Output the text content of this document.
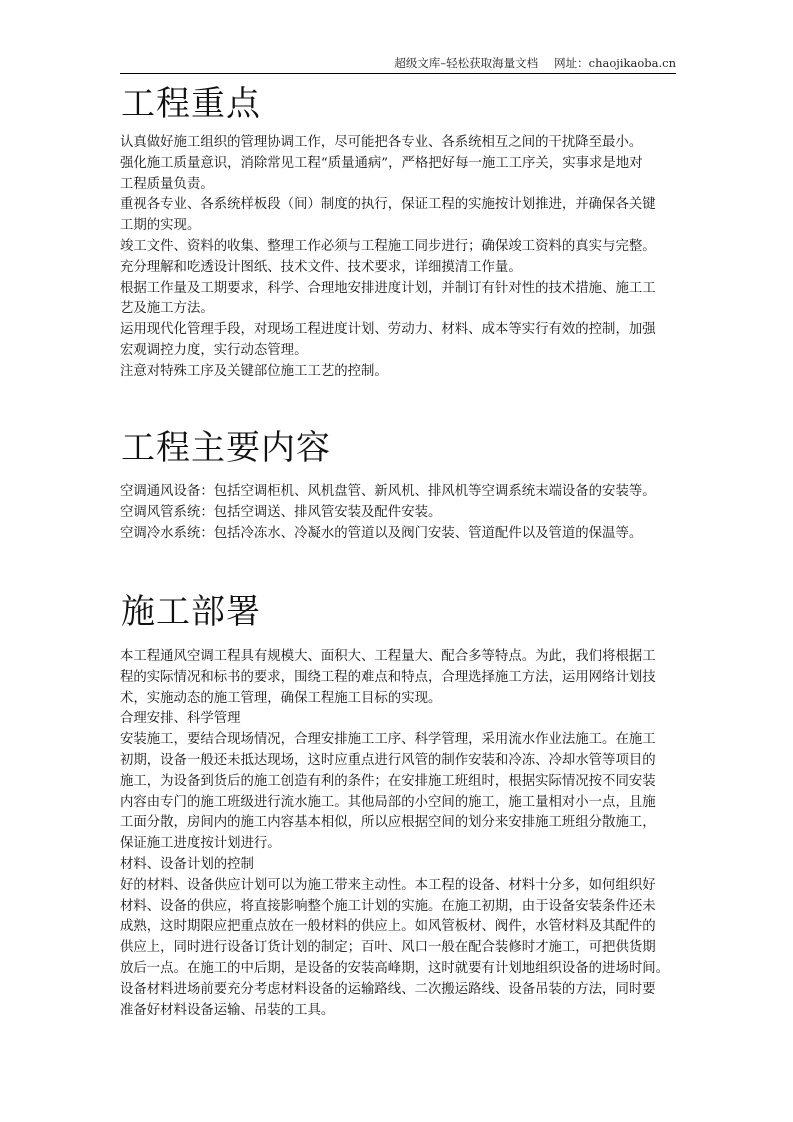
超级文库–轻松获取海量文档 网址：chaojikaoba.cn
工程重点
认真做好施工组织的管理协调工作，尽可能把各专业、各系统相互之间的干扰降至最小。
强化施工质量意识，消除常见工程“质量通病”，严格把好每一施工工序关，实事求是地对
工程质量负责。
重视各专业、各系统样板段（间）制度的执行，保证工程的实施按计划推进，并确保各关键
工期的实现。
竣工文件、资料的收集、整理工作必须与工程施工同步进行；确保竣工资料的真实与完整。
充分理解和吃透设计图纸、技术文件、技术要求，详细摸清工作量。
根据工作量及工期要求，科学、合理地安排进度计划，并制订有针对性的技术措施、施工工
艺及施工方法。
运用现代化管理手段，对现场工程进度计划、劳动力、材料、成本等实行有效的控制，加强
宏观调控力度，实行动态管理。
注意对特殊工序及关键部位施工工艺的控制。
工程主要内容
空调通风设备：包括空调柜机、风机盘管、新风机、排风机等空调系统末端设备的安装等。
空调风管系统：包括空调送、排风管安装及配件安装。
空调冷水系统：包括冷冻水、冷凝水的管道以及阀门安装、管道配件以及管道的保温等。
施工部署
本工程通风空调工程具有规模大、面积大、工程量大、配合多等特点。为此，我们将根据工
程的实际情况和标书的要求，围绕工程的难点和特点，合理选择施工方法，运用网络计划技
术，实施动态的施工管理，确保工程施工目标的实现。
合理安排、科学管理
安装施工，要结合现场情况，合理安排施工工序、科学管理，采用流水作业法施工。在施工
初期，设备一般还未抵达现场，这时应重点进行风管的制作安装和冷冻、冷却水管等项目的
施工，为设备到货后的施工创造有利的条件；在安排施工班组时，根据实际情况按不同安装
内容由专门的施工班级进行流水施工。其他局部的小空间的施工，施工量相对小一点，且施
工面分散，房间内的施工内容基本相似，所以应根据空间的划分来安排施工班组分散施工，
保证施工进度按计划进行。
材料、设备计划的控制
好的材料、设备供应计划可以为施工带来主动性。本工程的设备、材料十分多，如何组织好
材料、设备的供应，将直接影响整个施工计划的实施。在施工初期，由于设备安装条件还未
成熟，这时期限应把重点放在一般材料的供应上。如风管板材、阀件，水管材料及其配件的
供应上，同时进行设备订货计划的制定；百叶、风口一般在配合装修时才施工，可把供货期
放后一点。在施工的中后期，是设备的安装高峰期，这时就要有计划地组织设备的进场时间。
设备材料进场前要充分考虑材料设备的运输路线、二次搬运路线、设备吊装的方法，同时要
准备好材料设备运输、吊装的工具。
